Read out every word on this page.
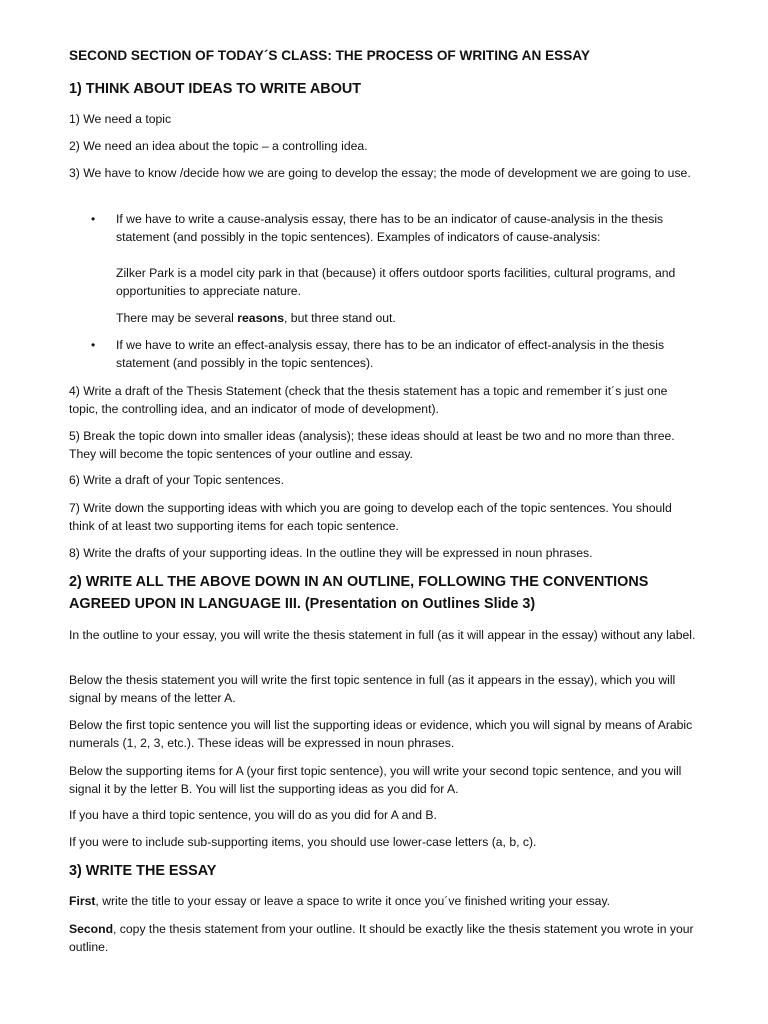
SECOND SECTION OF TODAY´S CLASS: THE PROCESS OF WRITING AN ESSAY

1) THINK ABOUT IDEAS TO WRITE ABOUT

1) We need a topic

2) We need an idea about the topic – a controlling idea.

3) We have to know /decide how we are going to develop the essay; the mode of development we are going to use.

• If we have to write a cause-analysis essay, there has to be an indicator of cause-analysis in the thesis statement (and possibly in the topic sentences). Examples of indicators of cause-analysis:

Zilker Park is a model city park in that (because) it offers outdoor sports facilities, cultural programs, and opportunities to appreciate nature.

There may be several reasons, but three stand out.

• If we have to write an effect-analysis essay, there has to be an indicator of effect-analysis in the thesis statement (and possibly in the topic sentences).

4) Write a draft of the Thesis Statement (check that the thesis statement has a topic and remember it´s just one topic, the controlling idea, and an indicator of mode of development).

5) Break the topic down into smaller ideas (analysis); these ideas should at least be two and no more than three. They will become the topic sentences of your outline and essay.

6) Write a draft of your Topic sentences.

7) Write down the supporting ideas with which you are going to develop each of the topic sentences. You should think of at least two supporting items for each topic sentence.

8) Write the drafts of your supporting ideas. In the outline they will be expressed in noun phrases.

2) WRITE ALL THE ABOVE DOWN IN AN OUTLINE, FOLLOWING THE CONVENTIONS AGREED UPON IN LANGUAGE III. (Presentation on Outlines Slide 3)

In the outline to your essay, you will write the thesis statement in full (as it will appear in the essay) without any label.

Below the thesis statement you will write the first topic sentence in full (as it appears in the essay), which you will signal by means of the letter A.

Below the first topic sentence you will list the supporting ideas or evidence, which you will signal by means of Arabic numerals (1, 2, 3, etc.). These ideas will be expressed in noun phrases.

Below the supporting items for A (your first topic sentence), you will write your second topic sentence, and you will signal it by the letter B. You will list the supporting ideas as you did for A.

If you have a third topic sentence, you will do as you did for A and B.

If you were to include sub-supporting items, you should use lower-case letters (a, b, c).

3) WRITE THE ESSAY

First, write the title to your essay or leave a space to write it once you´ve finished writing your essay.

Second, copy the thesis statement from your outline. It should be exactly like the thesis statement you wrote in your outline.
